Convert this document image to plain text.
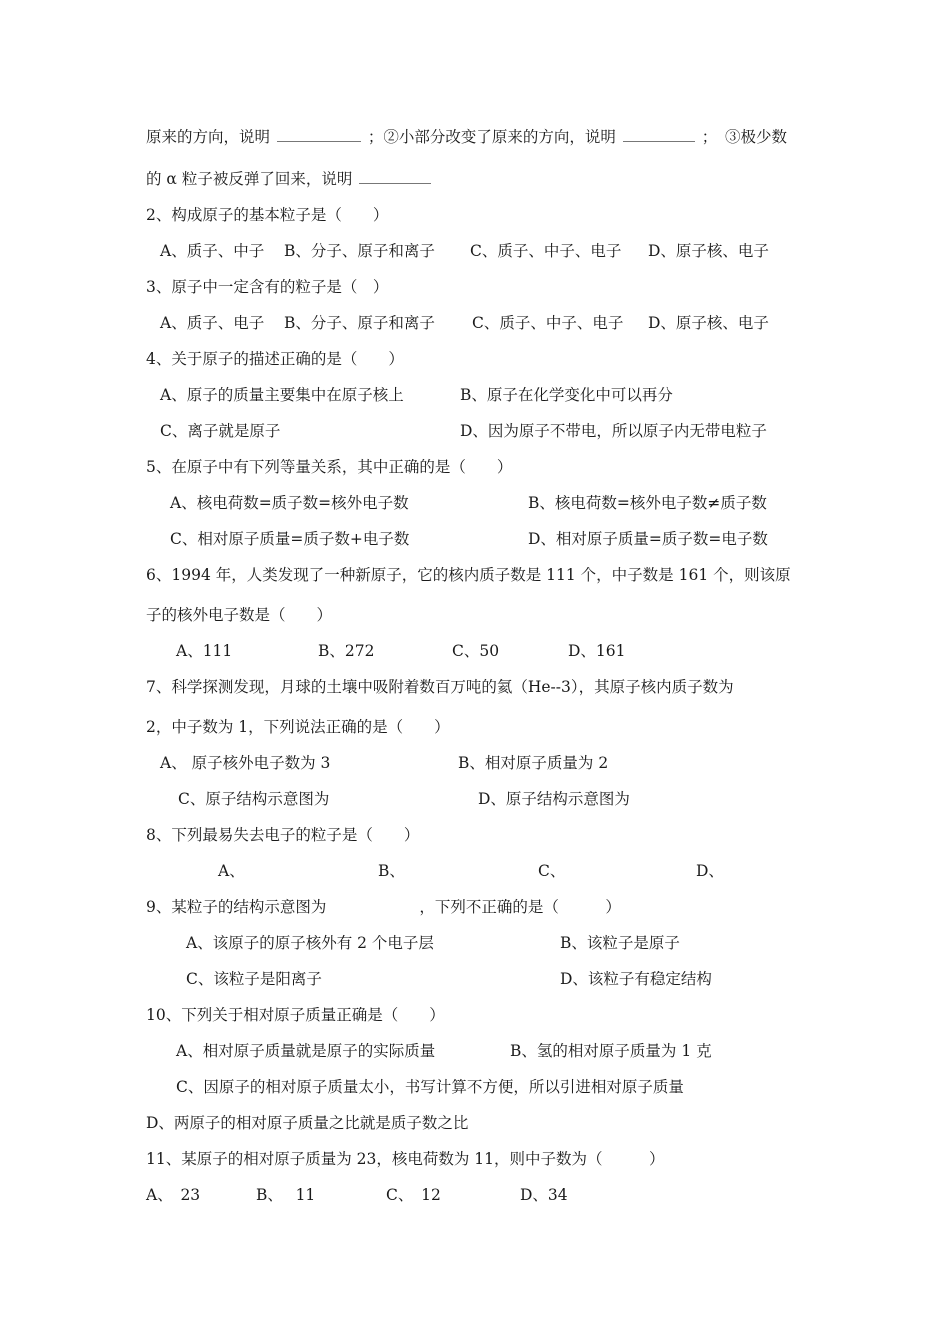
原来的方向，说明	；②小部分改变了原来的方向，说明	；　③极少数
的 α 粒子被反弹了回来，说明
2、构成原子的基本粒子是（　　）
A、质子、中子 B、分子、原子和离子 C、质子、中子、电子 D、原子核、电子
3、原子中一定含有的粒子是（　）
A、质子、电子 B、分子、原子和离子 C、质子、中子、电子 D、原子核、电子
4、关于原子的描述正确的是（　　）
A、原子的质量主要集中在原子核上	B、原子在化学变化中可以再分
C、离子就是原子	D、因为原子不带电，所以原子内无带电粒子
5、在原子中有下列等量关系，其中正确的是（　　）
A、核电荷数=质子数=核外电子数	B、核电荷数=核外电子数≠质子数
C、相对原子质量=质子数+电子数	D、相对原子质量=质子数=电子数
6、1994 年，人类发现了一种新原子，它的核内质子数是 111 个，中子数是 161 个，则该原
子的核外电子数是（　　）
A、111	B、272	C、50	D、161
7、科学探测发现，月球的土壤中吸附着数百万吨的氦（He--3），其原子核内质子数为
2，中子数为 1，下列说法正确的是（　　）
A、 原子核外电子数为 3	B、相对原子质量为 2
C、原子结构示意图为	D、原子结构示意图为
8、下列最易失去电子的粒子是（　　）
A、	B、	C、	D、
9、某粒子的结构示意图为　　　　　　，下列不正确的是（　　　）
A、该原子的原子核外有 2 个电子层	B、该粒子是原子
C、该粒子是阳离子	D、该粒子有稳定结构
10、下列关于相对原子质量正确是（　　）
A、相对原子质量就是原子的实际质量	B、氢的相对原子质量为 1 克
C、因原子的相对原子质量太小，书写计算不方便，所以引进相对原子质量
D、两原子的相对原子质量之比就是质子数之比
11、某原子的相对原子质量为 23，核电荷数为 11，则中子数为（　　　）
A、　23	B、　 11	C、　12	D、34
